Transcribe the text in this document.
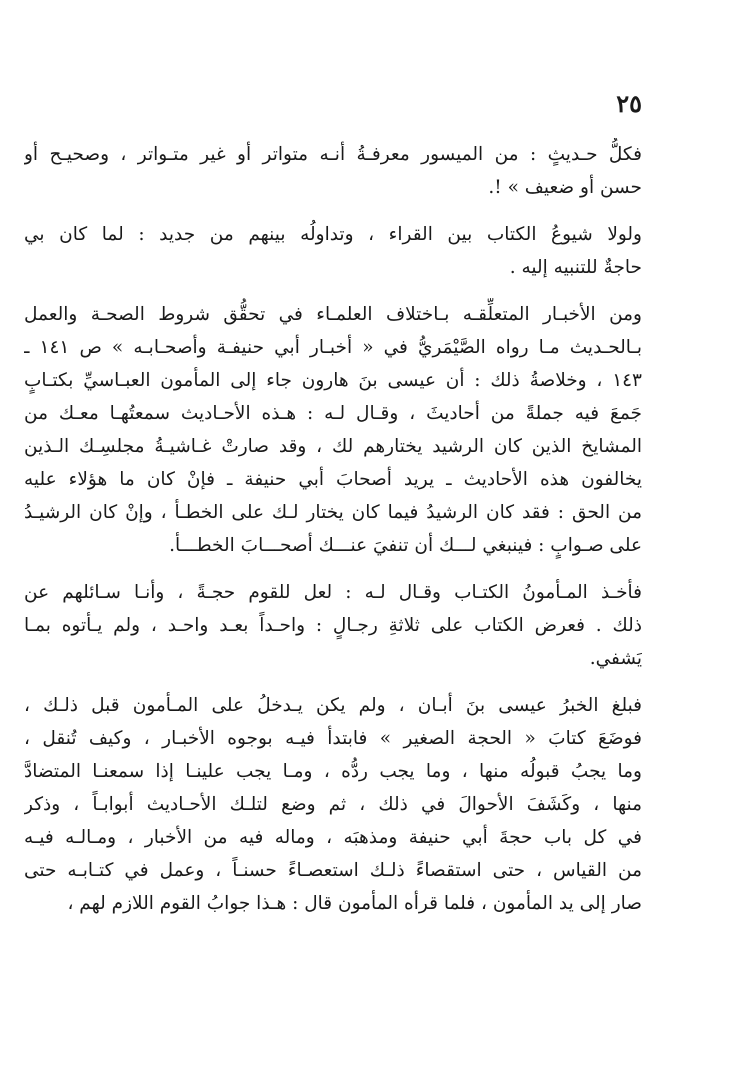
٢٥
فكلُّ حـديثٍ : من الميسور معرفـةُ أنـه متواتر أو غير متـواتر ، وصحيـح أو
حسن أو ضعيف » !.
ولولا شيوعُ الكتاب بين القراء ، وتداولُه بينهم من جديد : لما كان بي
حاجةٌ للتنبيه إليه .
ومن الأخبـار المتعلِّقـه بـاختلاف العلمـاء في تحقُّق شروط الصحـة والعمل
بـالحـديث مـا رواه الصَّيْمَريُّ في « أخبـار أبي حنيفـة وأصحـابـه » ص ١٤١ ـ
١٤٣ ، وخلاصةُ ذلك : أن عيسى بنَ هارون جاء إلى المأمون العبـاسيِّ بكتـابٍ
جَمعَ فيه جملةً من أحاديثَ ، وقـال لـه : هـذه الأحـاديث سمعتُهـا معـك من
المشايخ الذين كان الرشيد يختارهم لك ، وقد صارتْ غـاشيـةُ مجلسِـك الـذين
يخالفون هذه الأحاديث ـ يريد أصحابَ أبي حنيفة ـ فإنْ كان ما هؤلاء عليه
من الحق : فقد كان الرشيدُ فيما كان يختار لـك على الخطـأ ، وإنْ كان الرشيـدُ
على صـوابٍ : فينبغي لـــك أن تنفيَ عنـــك أصحـــابَ الخطـــأ.
فأخـذ المـأمونُ الكتـاب وقـال لـه : لعل للقوم حجـةً ، وأنـا سـائلهم عن
ذلك . فعرض الكتاب على ثلاثةِ رجـالٍ : واحـداً بعـد واحـد ، ولم يـأتوه بمـا
يَشفي.
فبلغ الخبرُ عيسى بنَ أبـان ، ولم يكن يـدخلُ على المـأمون قبل ذلـك ،
فوضَعَ كتابَ « الحجة الصغير » فابتدأ فيـه بوجوه الأخبـار ، وكيف تُنقل ،
وما يجبُ قبولُه منها ، وما يجب ردُّه ، ومـا يجب علينـا إذا سمعنـا المتضادَّ
منها ، وكَشَفَ الأحوالَ في ذلك ، ثم وضع لتلـك الأحـاديث أبوابـاً ، وذكر
في كل باب حجةَ أبي حنيفة ومذهبَه ، وماله فيه من الأخبار ، ومـالـه فيـه
من القياس ، حتى استقصاءً ذلـك استعصـاءً حسنـاً ، وعمل في كتـابـه حتى
صار إلى يد المأمون ، فلما قرأه المأمون قال : هـذا جوابُ القوم اللازم لهم ،
